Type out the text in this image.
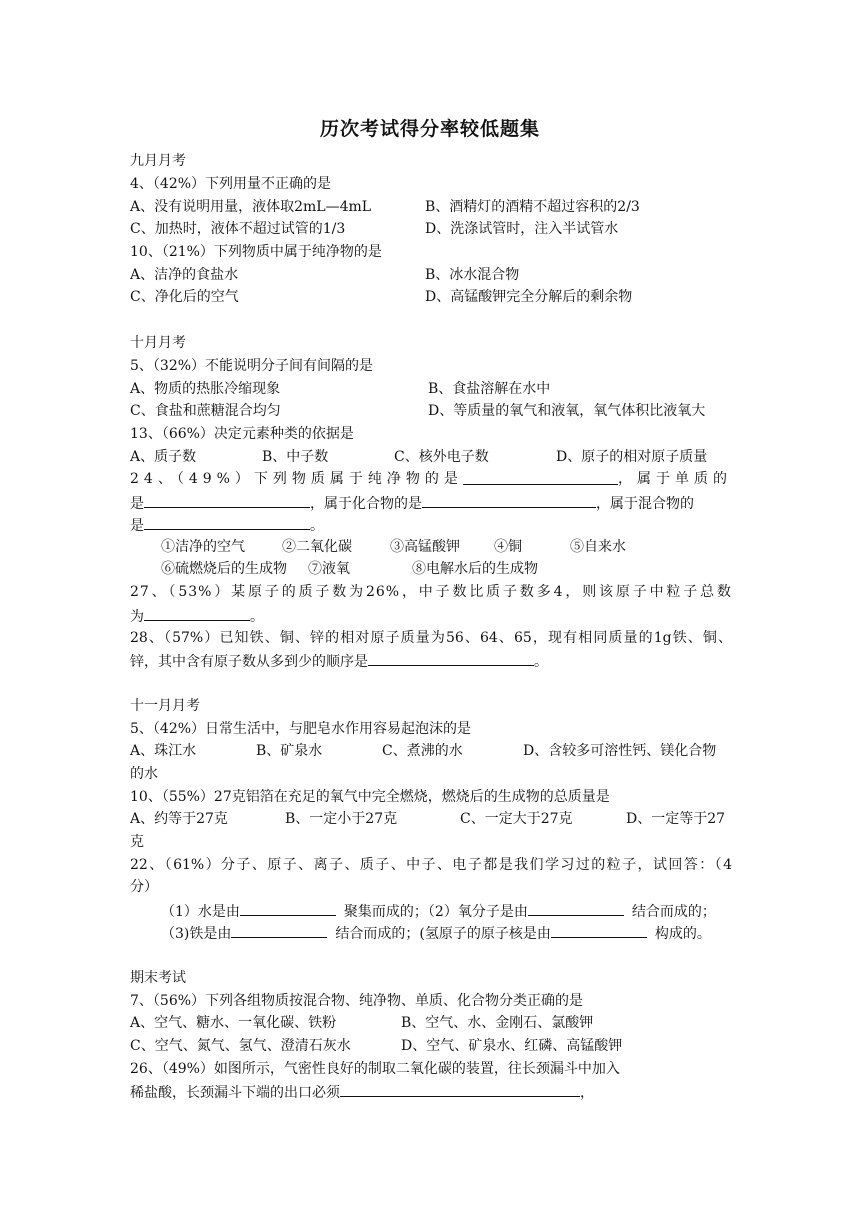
历次考试得分率较低题集
九月月考
4、（42%）下列用量不正确的是
A、没有说明用量，液体取2mL—4mL	B、酒精灯的酒精不超过容积的2/3
C、加热时，液体不超过试管的1/3	D、洗涤试管时，注入半试管水
10、（21%）下列物质中属于纯净物的是
A、洁净的食盐水	B、冰水混合物
C、净化后的空气	D、高锰酸钾完全分解后的剩余物
十月月考
5、（32%）不能说明分子间有间隔的是
A、物质的热胀冷缩现象	B、食盐溶解在水中
C、食盐和蔗糖混合均匀	D、等质量的氧气和液氧，氧气体积比液氧大
13、（66%）决定元素种类的依据是
A、质子数	B、中子数	C、核外电子数	D、原子的相对原子质量
24、（49%）下列物质属于纯净物的是	，属于单质的
是	，属于化合物的是	，属于混合物的
是	。
①洁净的空气	②二氧化碳	③高锰酸钾 ④铜	⑤自来水
⑥硫燃烧后的生成物 ⑦液氧	⑧电解水后的生成物
27、（53%）某原子的质子数为26%，中子数比质子数多4，则该原子中粒子总数
为	。
28、（57%）已知铁、铜、锌的相对原子质量为56、64、65，现有相同质量的1g铁、铜、
锌，其中含有原子数从多到少的顺序是	。
十一月月考
5、（42%）日常生活中，与肥皂水作用容易起泡沫的是
A、珠江水	B、矿泉水	C、煮沸的水	D、含较多可溶性钙、镁化合物
的水
10、（55%）27克铝箔在充足的氧气中完全燃烧，燃烧后的生成物的总质量是
A、约等于27克	B、一定小于27克	C、一定大于27克	D、一定等于27
克
22、（61%）分子、原子、离子、质子、中子、电子都是我们学习过的粒子，试回答：（4
分）
（1）水是由	聚集而成的；（2）氧分子是由	结合而成的；
（3)铁是由	结合而成的；(氢原子的原子核是由	构成的。
期末考试
7、（56%）下列各组物质按混合物、纯净物、单质、化合物分类正确的是
A、空气、糖水、一氧化碳、铁粉	B、空气、水、金刚石、氯酸钾
C、空气、氮气、氢气、澄清石灰水	D、空气、矿泉水、红磷、高锰酸钾
26、（49%）如图所示，气密性良好的制取二氧化碳的装置，往长颈漏斗中加入
稀盐酸，长颈漏斗下端的出口必须	，
